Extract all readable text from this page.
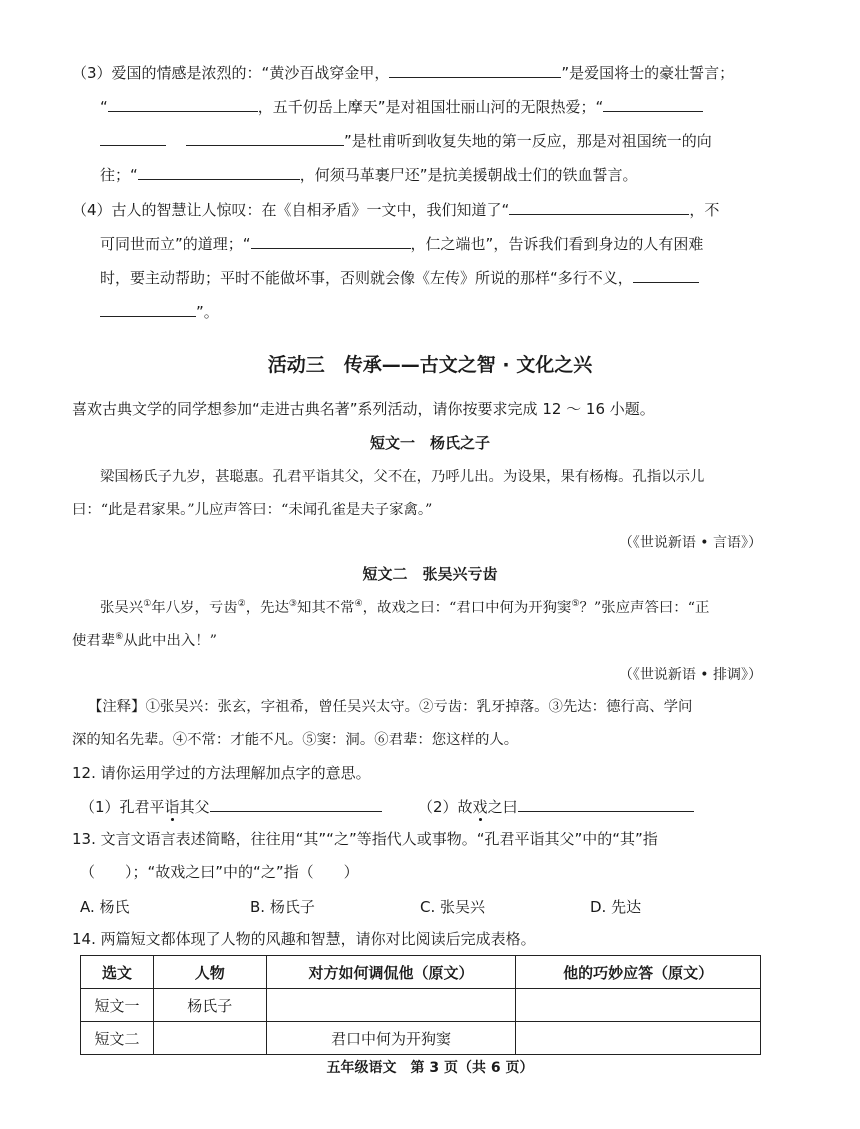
（3）爱国的情感是浓烈的：“黄沙百战穿金甲，	”是爱国将士的豪壮誓言；
“	，五千仞岳上摩天”是对祖国壮丽山河的无限热爱；“
”是杜甫听到收复失地的第一反应，那是对祖国统一的向
往；“	，何须马革裹尸还”是抗美援朝战士们的铁血誓言。
（4）古人的智慧让人惊叹：在《自相矛盾》一文中，我们知道了“	，不
可同世而立”的道理；“	，仁之端也”，告诉我们看到身边的人有困难
时，要主动帮助；平时不能做坏事，否则就会像《左传》所说的那样“多行不义，
”。
活动三　传承——古文之智 · 文化之兴
喜欢古典文学的同学想参加“走进古典名著”系列活动，请你按要求完成 12 ～ 16 小题。
短文一　杨氏之子
梁国杨氏子九岁，甚聪惠。孔君平诣其父，父不在，乃呼儿出。为设果，果有杨梅。孔指以示儿
曰：“此是君家果。”儿应声答曰：“未闻孔雀是夫子家禽。”
（《世说新语 • 言语》）
短文二　张吴兴亏齿
张吴兴①年八岁，亏齿②，先达③知其不常④，故戏之曰：“君口中何为开狗窦⑤？”张应声答曰：“正
使君辈⑥从此中出入！”
（《世说新语 • 排调》）
【注释】①张吴兴：张玄，字祖希，曾任吴兴太守。②亏齿：乳牙掉落。③先达：德行高、学问
深的知名先辈。④不常：才能不凡。⑤窦：洞。⑥君辈：您这样的人。
12. 请你运用学过的方法理解加点字的意思。
（1）孔君平诣其父	（2）故戏之曰
13. 文言文语言表述简略，往往用“其”“之”等指代人或事物。“孔君平诣其父”中的“其”指
（　　）；“故戏之曰”中的“之”指（　　）
A. 杨氏	B. 杨氏子	C. 张吴兴	D. 先达
14. 两篇短文都体现了人物的风趣和智慧，请你对比阅读后完成表格。
选文	人物	对方如何调侃他（原文）	他的巧妙应答（原文）
短文一	杨氏子		
短文二		君口中何为开狗窦	
五年级语文　第 3 页（共 6 页）
